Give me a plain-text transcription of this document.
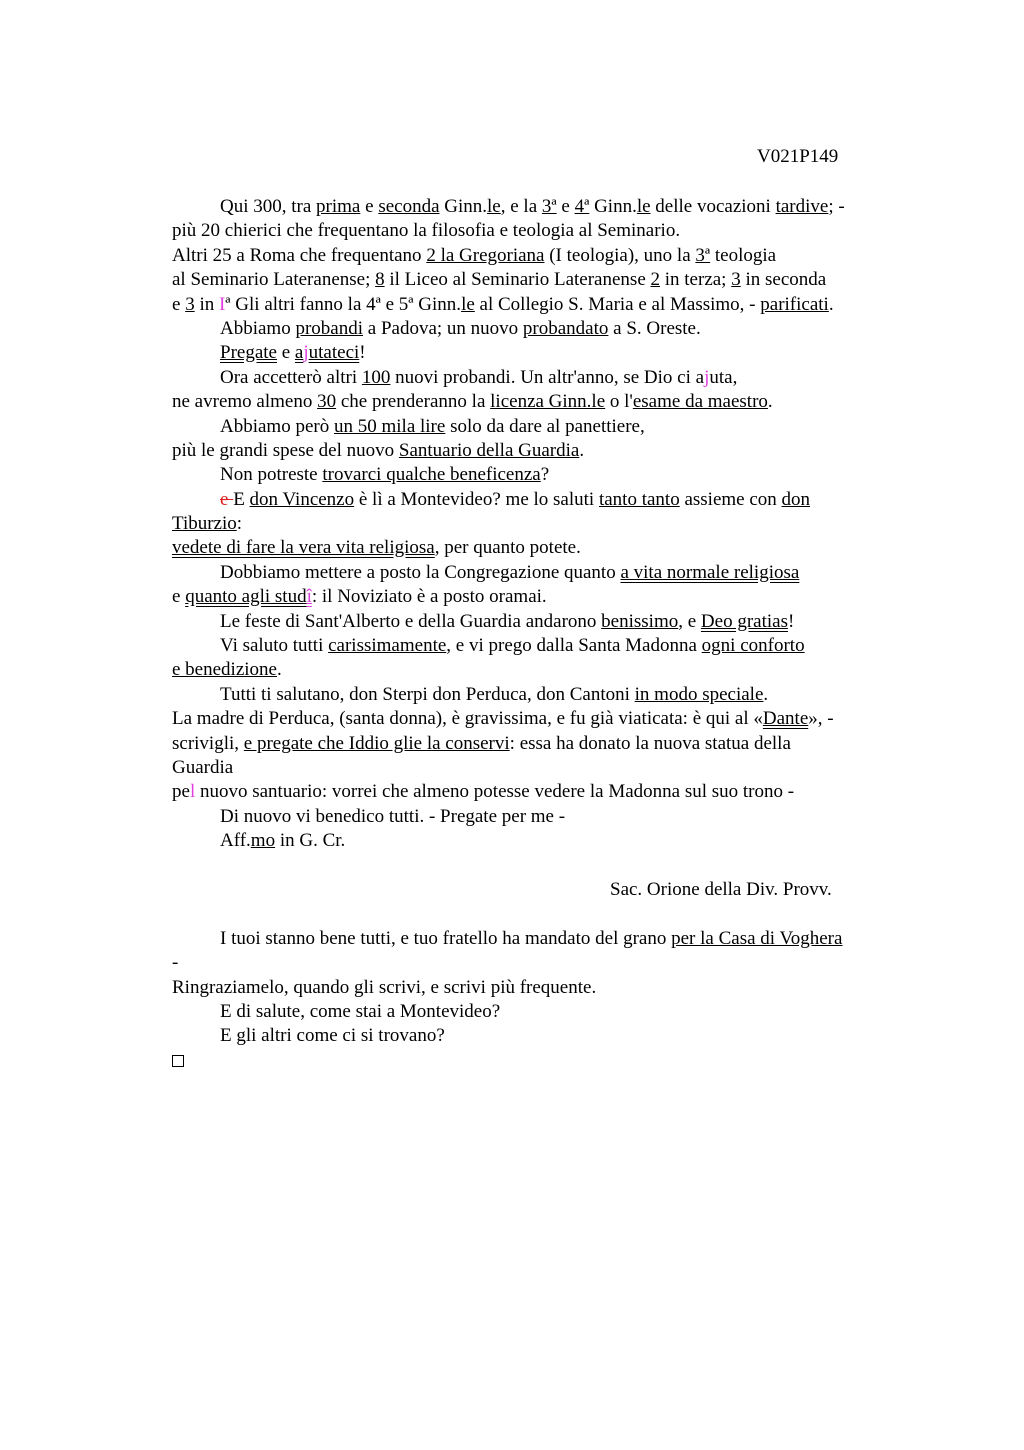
V021P149
Qui 300, tra prima e seconda Ginn.le, e la 3ª e 4ª Ginn.le delle vocazioni tardive; -
più 20 chierici che frequentano la filosofia e teologia al Seminario.
Altri 25 a Roma che frequentano 2 la Gregoriana (I teologia), uno la 3ª teologia
al Seminario Lateranense; 8 il Liceo al Seminario Lateranense 2 in terza; 3 in seconda
e 3 in Iª Gli altri fanno la 4ª e 5ª Ginn.le al Collegio S. Maria e al Massimo, - parificati.
Abbiamo probandi a Padova; un nuovo probandato a S. Oreste.
Pregate e ajutateci!
Ora accetterò altri 100 nuovi probandi. Un altr'anno, se Dio ci ajuta,
ne avremo almeno 30 che prenderanno la licenza Ginn.le o l'esame da maestro.
Abbiamo però un 50 mila lire solo da dare al panettiere,
più le grandi spese del nuovo Santuario della Guardia.
Non potreste trovarci qualche beneficenza?
e E don Vincenzo è lì a Montevideo? me lo saluti tanto tanto assieme con don
Tiburzio:
vedete di fare la vera vita religiosa, per quanto potete.
Dobbiamo mettere a posto la Congregazione quanto a vita normale religiosa
e quanto agli studî: il Noviziato è a posto oramai.
Le feste di Sant'Alberto e della Guardia andarono benissimo, e Deo gratias!
Vi saluto tutti carissimamente, e vi prego dalla Santa Madonna ogni conforto
e benedizione.
Tutti ti salutano, don Sterpi don Perduca, don Cantoni in modo speciale.
La madre di Perduca, (santa donna), è gravissima, e fu già viaticata: è qui al «Dante», -
scrivigli, e pregate che Iddio glie la conservi: essa ha donato la nuova statua della
Guardia
pel nuovo santuario: vorrei che almeno potesse vedere la Madonna sul suo trono -
Di nuovo vi benedico tutti. - Pregate per me -
Aff.mo in G. Cr.

Sac. Orione della Div. Provv.

I tuoi stanno bene tutti, e tuo fratello ha mandato del grano per la Casa di Voghera
-
Ringraziamelo, quando gli scrivi, e scrivi più frequente.
E di salute, come stai a Montevideo?
E gli altri come ci si trovano?
